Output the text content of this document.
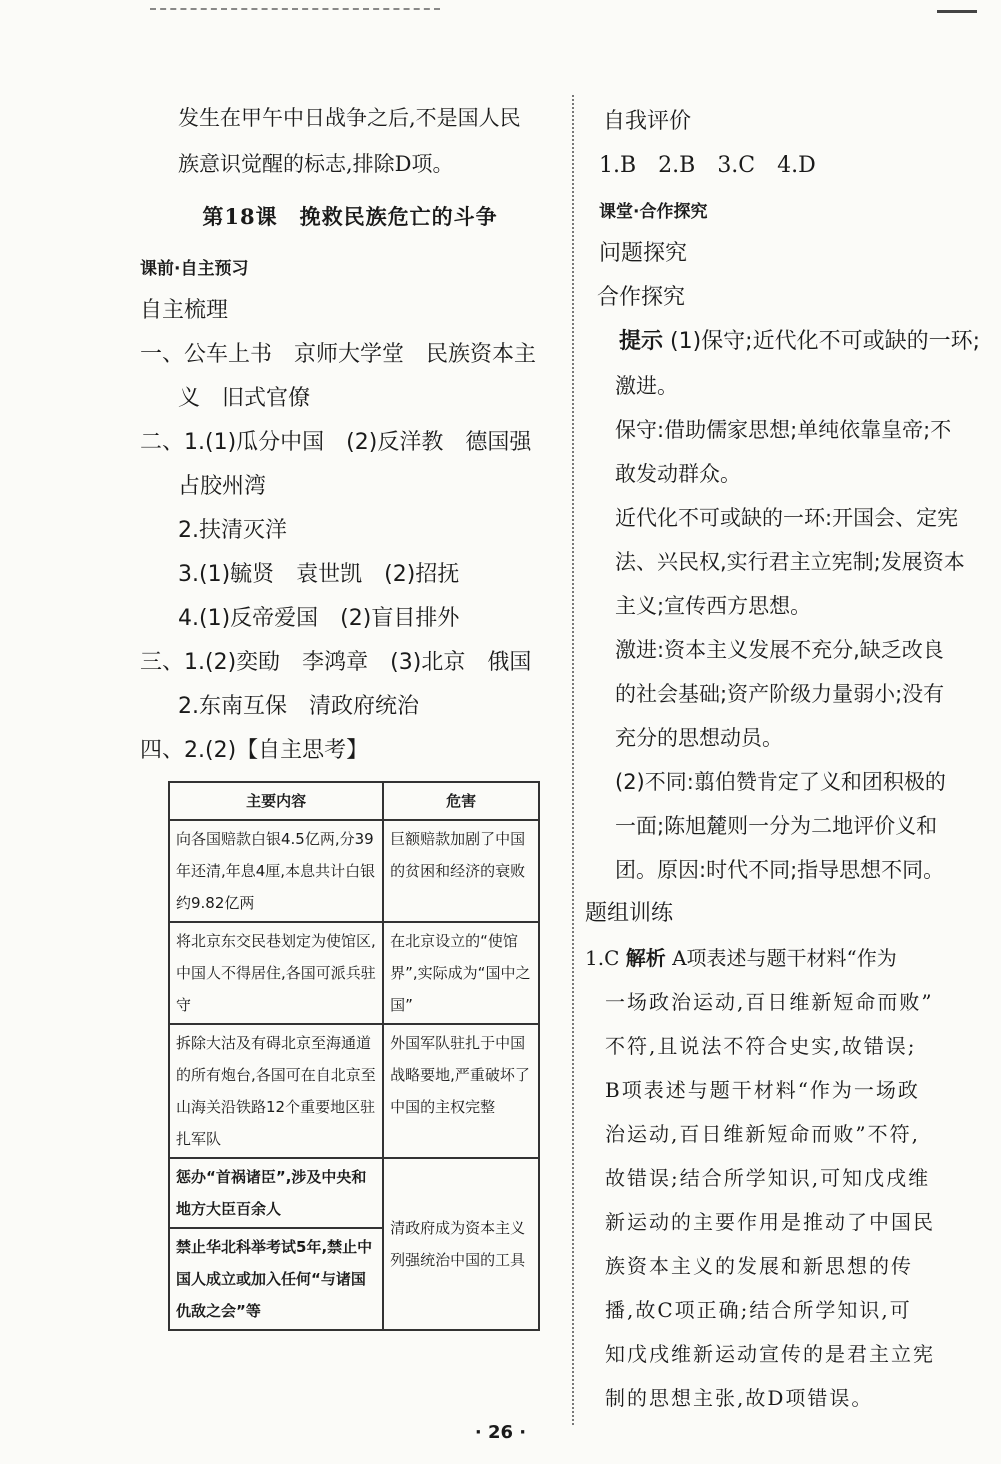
发生在甲午中日战争之后,不是国人民
族意识觉醒的标志,排除D项。
第18课　挽救民族危亡的斗争
课前·自主预习
自主梳理
一、公车上书　京师大学堂　民族资本主
义　旧式官僚
二、1.(1)瓜分中国　(2)反洋教　德国强
占胶州湾
2.扶清灭洋
3.(1)毓贤　袁世凯　(2)招抚
4.(1)反帝爱国　(2)盲目排外
三、1.(2)奕劻　李鸿章　(3)北京　俄国
2.东南互保　清政府统治
四、2.(2)【自主思考】
主要内容	危害
向各国赔款白银4.5亿两,分39年还清,年息4厘,本息共计白银约9.82亿两	巨额赔款加剧了中国的贫困和经济的衰败
将北京东交民巷划定为使馆区,中国人不得居住,各国可派兵驻守	在北京设立的“使馆界”,实际成为“国中之国”
拆除大沽及有碍北京至海通道的所有炮台,各国可在自北京至山海关沿铁路12个重要地区驻扎军队	外国军队驻扎于中国战略要地,严重破坏了中国的主权完整
惩办“首祸诸臣”,涉及中央和地方大臣百余人	清政府成为资本主义列强统治中国的工具
禁止华北科举考试5年,禁止中国人成立或加入任何“与诸国仇敌之会”等	
自我评价
1.B　2.B　3.C　4.D
课堂·合作探究
问题探究
合作探究
提示 (1)保守;近代化不可或缺的一环;
激进。
保守:借助儒家思想;单纯依靠皇帝;不
敢发动群众。
近代化不可或缺的一环:开国会、定宪
法、兴民权,实行君主立宪制;发展资本
主义;宣传西方思想。
激进:资本主义发展不充分,缺乏改良
的社会基础;资产阶级力量弱小;没有
充分的思想动员。
(2)不同:翦伯赞肯定了义和团积极的
一面;陈旭麓则一分为二地评价义和
团。原因:时代不同;指导思想不同。
题组训练
1.C 解析 A项表述与题干材料“作为
一场政治运动,百日维新短命而败”
不符,且说法不符合史实,故错误;
B项表述与题干材料“作为一场政
治运动,百日维新短命而败”不符,
故错误;结合所学知识,可知戊戌维
新运动的主要作用是推动了中国民
族资本主义的发展和新思想的传
播,故C项正确;结合所学知识,可
知戊戌维新运动宣传的是君主立宪
制的思想主张,故D项错误。
· 26 ·
